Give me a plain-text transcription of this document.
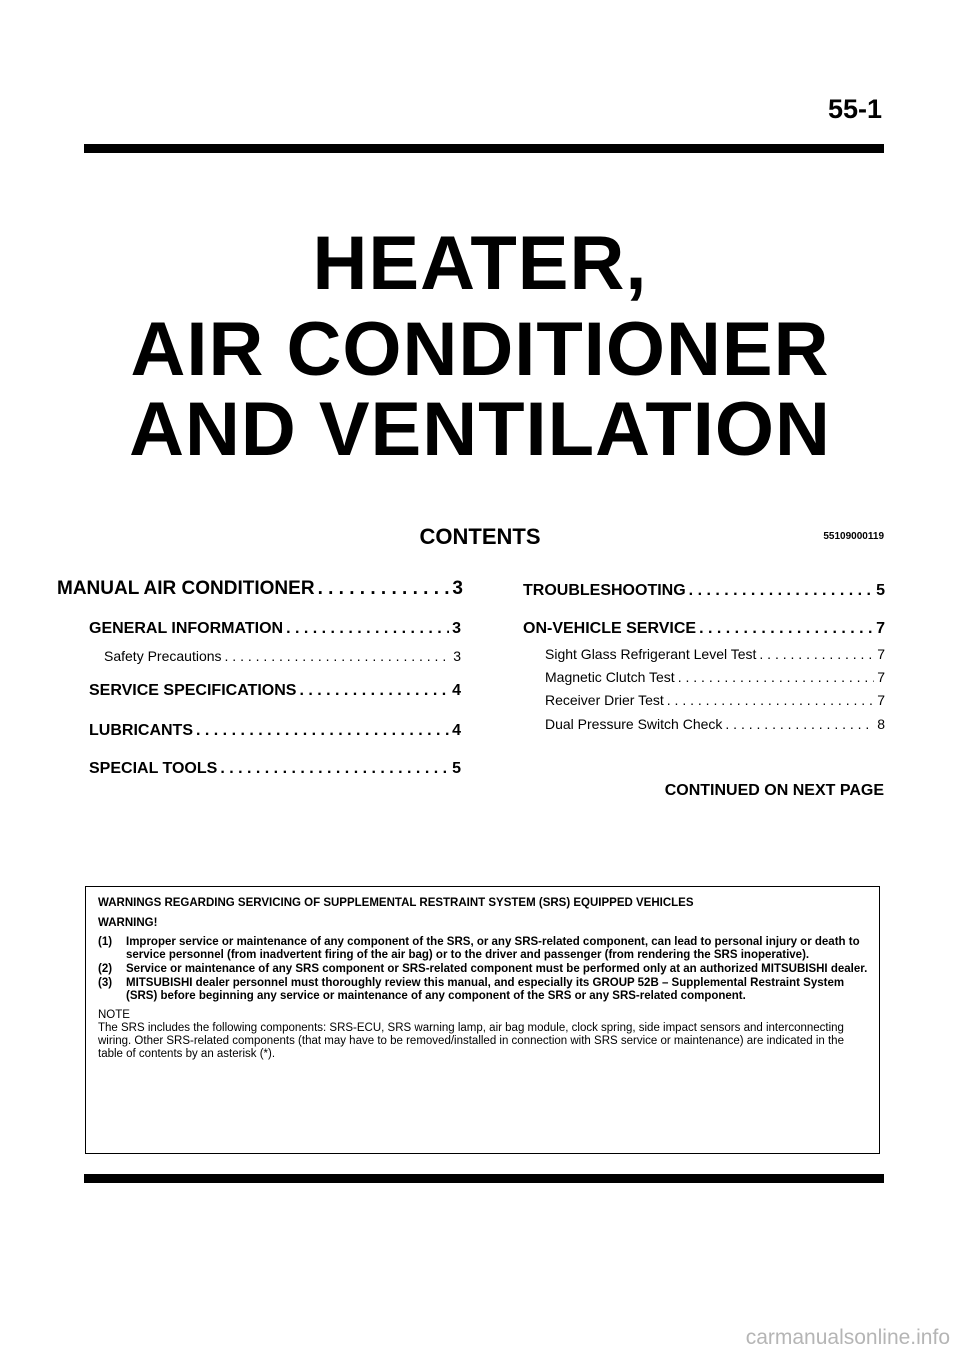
55-1
HEATER,
AIR CONDITIONER
AND VENTILATION
CONTENTS	55109000119
MANUAL AIR CONDITIONER . . .	3
GENERAL INFORMATION . . .	3
Safety Precautions . . .	3
SERVICE SPECIFICATIONS . . .	4
LUBRICANTS . . .	4
SPECIAL TOOLS . . .	5
TROUBLESHOOTING . . .	5
ON-VEHICLE SERVICE . . .	7
Sight Glass Refrigerant Level Test . . .	7
Magnetic Clutch Test . . .	7
Receiver Drier Test . . .	7
Dual Pressure Switch Check . . .	8
CONTINUED ON NEXT PAGE
WARNINGS REGARDING SERVICING OF SUPPLEMENTAL RESTRAINT SYSTEM (SRS) EQUIPPED VEHICLES
WARNING!
(1)	Improper service or maintenance of any component of the SRS, or any SRS-related component, can lead to personal injury or death to service personnel (from inadvertent firing of the air bag) or to the driver and passenger (from rendering the SRS inoperative).
(2)	Service or maintenance of any SRS component or SRS-related component must be performed only at an authorized MITSUBISHI dealer.
(3)	MITSUBISHI dealer personnel must thoroughly review this manual, and especially its GROUP 52B – Supplemental Restraint System (SRS) before beginning any service or maintenance of any component of the SRS or any SRS-related component.
NOTE

The SRS includes the following components: SRS-ECU, SRS warning lamp, air bag module, clock spring, side impact sensors and interconnecting wiring. Other SRS-related components (that may have to be removed/installed in connection with SRS service or maintenance) are indicated in the table of contents by an asterisk (*).

carmanualsonline.info
